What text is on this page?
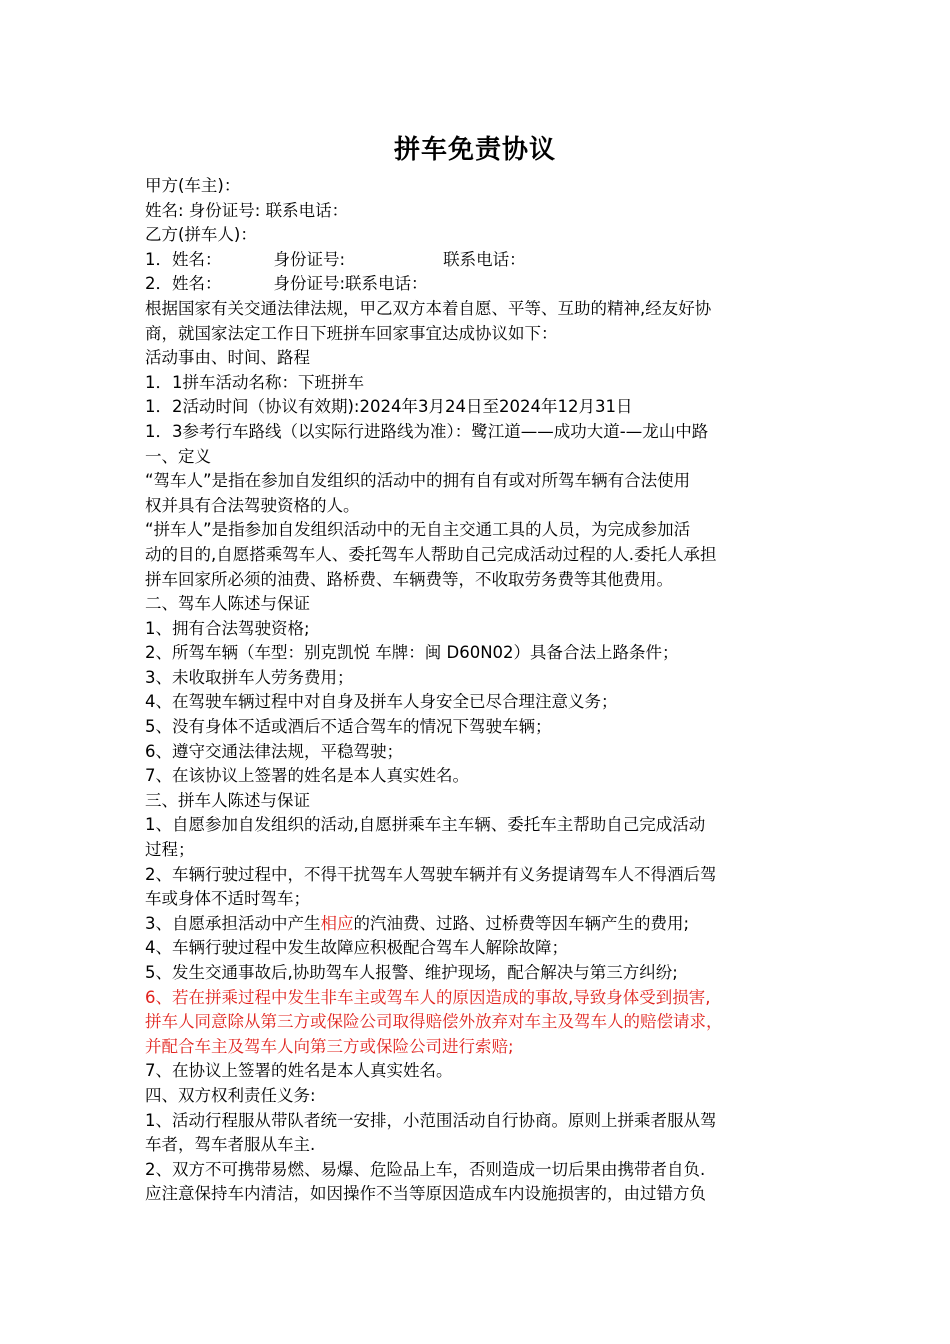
拼车免责协议
甲方(车主)：
姓名: 身份证号: 联系电话：
乙方(拼车人)：
1．姓名：	身份证号:	联系电话：
2．姓名：	身份证号:联系电话：
根据国家有关交通法律法规，甲乙双方本着自愿、平等、互助的精神,经友好协
商，就国家法定工作日下班拼车回家事宜达成协议如下：
活动事由、时间、路程
1．1拼车活动名称：下班拼车
1．2活动时间（协议有效期):2024年3月24日至2024年12月31日
1．3参考行车路线（以实际行进路线为准）：鹭江道——成功大道-—龙山中路
一、定义
“驾车人”是指在参加自发组织的活动中的拥有自有或对所驾车辆有合法使用
权并具有合法驾驶资格的人。
“拼车人”是指参加自发组织活动中的无自主交通工具的人员，为完成参加活
动的目的,自愿搭乘驾车人、委托驾车人帮助自己完成活动过程的人.委托人承担
拼车回家所必须的油费、路桥费、车辆费等，不收取劳务费等其他费用。
二、驾车人陈述与保证
1、拥有合法驾驶资格;
2、所驾车辆（车型：别克凯悦 车牌：闽 D60N02）具备合法上路条件；
3、未收取拼车人劳务费用；
4、在驾驶车辆过程中对自身及拼车人身安全已尽合理注意义务；
5、没有身体不适或酒后不适合驾车的情况下驾驶车辆；
6、遵守交通法律法规，平稳驾驶；
7、在该协议上签署的姓名是本人真实姓名。
三、拼车人陈述与保证
1、自愿参加自发组织的活动,自愿拼乘车主车辆、委托车主帮助自己完成活动
过程；
2、车辆行驶过程中，不得干扰驾车人驾驶车辆并有义务提请驾车人不得酒后驾
车或身体不适时驾车；
3、自愿承担活动中产生相应的汽油费、过路、过桥费等因车辆产生的费用;
4、车辆行驶过程中发生故障应积极配合驾车人解除故障；
5、发生交通事故后,协助驾车人报警、维护现场，配合解决与第三方纠纷;
6、若在拼乘过程中发生非车主或驾车人的原因造成的事故,导致身体受到损害,
拼车人同意除从第三方或保险公司取得赔偿外放弃对车主及驾车人的赔偿请求，
并配合车主及驾车人向第三方或保险公司进行索赔;
7、在协议上签署的姓名是本人真实姓名。
四、双方权利责任义务:
1、活动行程服从带队者统一安排，小范围活动自行协商。原则上拼乘者服从驾
车者，驾车者服从车主.
2、双方不可携带易燃、易爆、危险品上车，否则造成一切后果由携带者自负.
应注意保持车内清洁，如因操作不当等原因造成车内设施损害的，由过错方负
